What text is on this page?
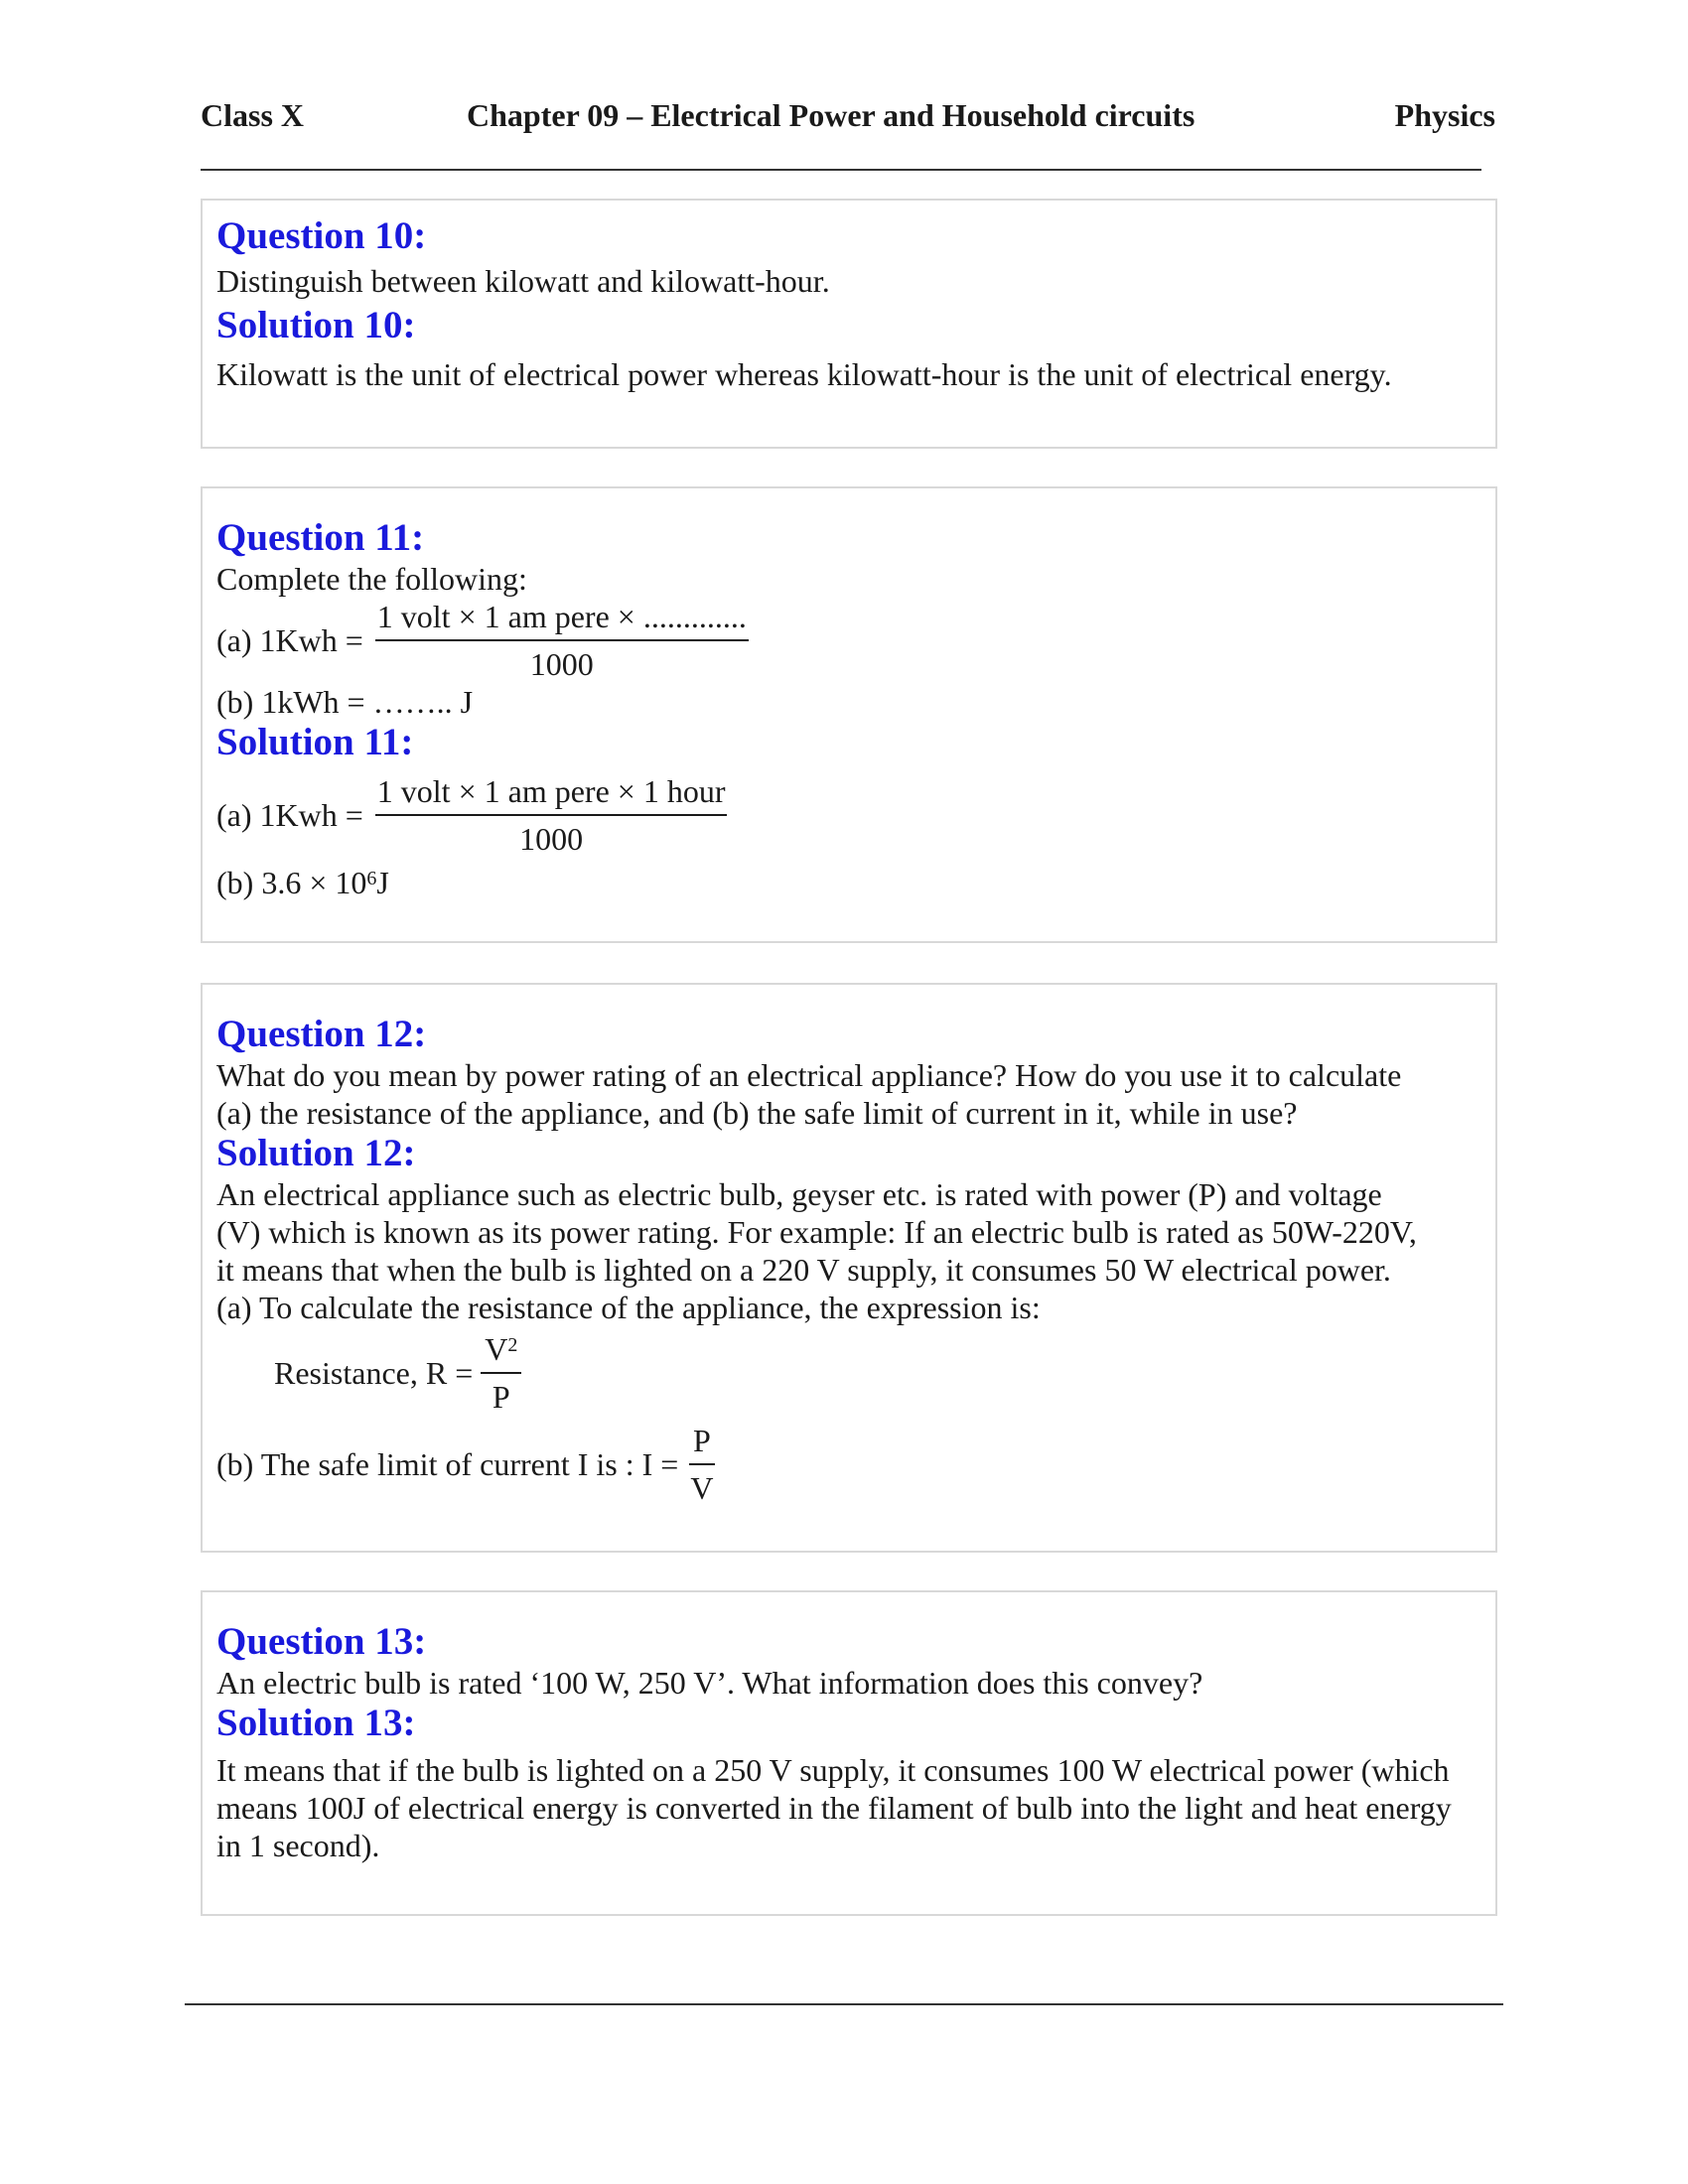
Class X	Chapter 09 – Electrical Power and Household circuits	Physics
Question 10:
Distinguish between kilowatt and kilowatt-hour.
Solution 10:
Kilowatt is the unit of electrical power whereas kilowatt-hour is the unit of electrical energy.
Question 11:
Complete the following:
(a) $1Kwh = \frac{\text{1 volt × 1 am pere × .............}}{1000}$
(b) 1kWh = …….. J
Solution 11:
(a) $1Kwh = \frac{\text{1 volt × 1 am pere × 1 hour}}{1000}$
(b) $3.6 \times 10^6J$
Question 12:
What do you mean by power rating of an electrical appliance? How do you use it to calculate
(a) the resistance of the appliance, and (b) the safe limit of current in it, while in use?
Solution 12:
An electrical appliance such as electric bulb, geyser etc. is rated with power (P) and voltage
(V) which is known as its power rating. For example: If an electric bulb is rated as 50W-220V,
it means that when the bulb is lighted on a 220 V supply, it consumes 50 W electrical power.
(a) To calculate the resistance of the appliance, the expression is:
Resistance, $R = \frac{V^2}{P}$
(b) The safe limit of current I is : $I = \frac{P}{V}$
Question 13:
An electric bulb is rated ‘100 W, 250 V’. What information does this convey?
Solution 13:
It means that if the bulb is lighted on a 250 V supply, it consumes 100 W electrical power (which
means 100J of electrical energy is converted in the filament of bulb into the light and heat energy
in 1 second).
